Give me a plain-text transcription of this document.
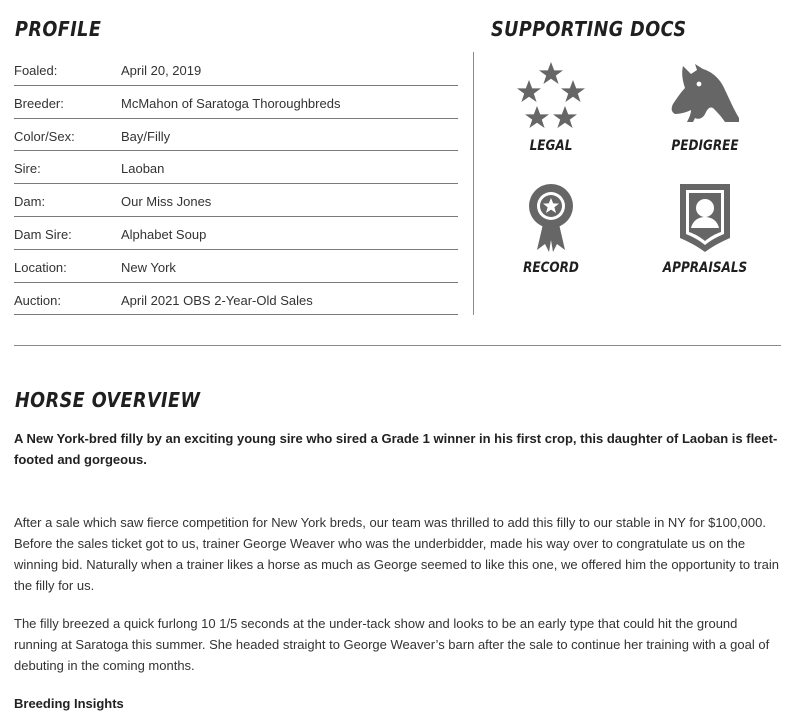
PROFILE
Foaled:	April 20, 2019
Breeder:	McMahon of Saratoga Thoroughbreds
Color/Sex:	Bay/Filly
Sire:	Laoban
Dam:	Our Miss Jones
Dam Sire:	Alphabet Soup
Location:	New York
Auction:	April 2021 OBS 2-Year-Old Sales
SUPPORTING DOCS
LEGAL	PEDIGREE
RECORD	APPRAISALS
HORSE OVERVIEW

A New York-bred filly by an exciting young sire who sired a Grade 1 winner in his first crop, this daughter of Laoban is fleet-footed and gorgeous.

After a sale which saw fierce competition for New York breds, our team was thrilled to add this filly to our stable in NY for $100,000. Before the sales ticket got to us, trainer George Weaver who was the underbidder, made his way over to congratulate us on the winning bid. Naturally when a trainer likes a horse as much as George seemed to like this one, we offered him the opportunity to train the filly for us.

The filly breezed a quick furlong 10 1/5 seconds at the under-tack show and looks to be an early type that could hit the ground running at Saratoga this summer. She headed straight to George Weaver’s barn after the sale to continue her training with a goal of debuting in the coming months.

Breeding Insights
